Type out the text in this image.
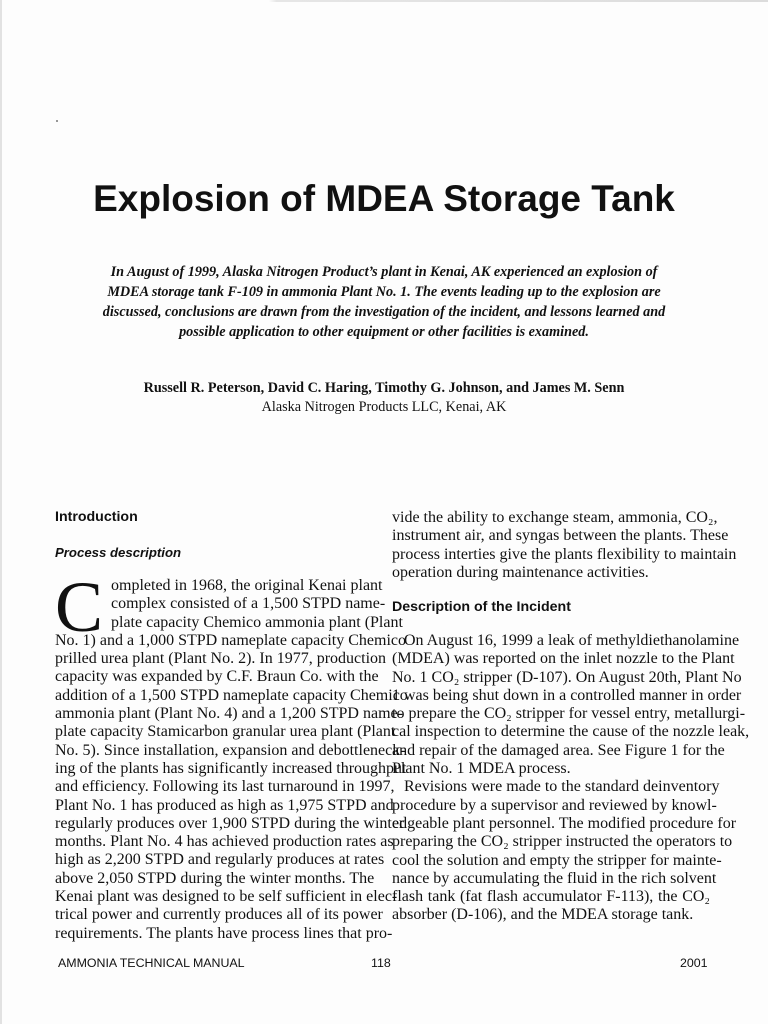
Explosion of MDEA Storage Tank
In August of 1999, Alaska Nitrogen Product’s plant in Kenai, AK experienced an explosion of
MDEA storage tank F-109 in ammonia Plant No. 1. The events leading up to the explosion are
discussed, conclusions are drawn from the investigation of the incident, and lessons learned and
possible application to other equipment or other facilities is examined.

Russell R. Peterson, David C. Haring, Timothy G. Johnson, and James M. Senn

Alaska Nitrogen Products LLC, Kenai, AK

Introduction
Process description
C ompleted in 1968, the original Kenai plant
complex consisted of a 1,500 STPD name-
plate capacity Chemico ammonia plant (Plant
No. 1) and a 1,000 STPD nameplate capacity Chemico
prilled urea plant (Plant No. 2). In 1977, production
capacity was expanded by C.F. Braun Co. with the
addition of a 1,500 STPD nameplate capacity Chemico
ammonia plant (Plant No. 4) and a 1,200 STPD name-
plate capacity Stamicarbon granular urea plant (Plant
No. 5). Since installation, expansion and debottleneck-
ing of the plants has significantly increased throughput
and efficiency. Following its last turnaround in 1997,
Plant No. 1 has produced as high as 1,975 STPD and
regularly produces over 1,900 STPD during the winter
months. Plant No. 4 has achieved production rates as
high as 2,200 STPD and regularly produces at rates
above 2,050 STPD during the winter months. The
Kenai plant was designed to be self sufficient in elec-
trical power and currently produces all of its power
requirements. The plants have process lines that pro-
vide the ability to exchange steam, ammonia, CO₂,
instrument air, and syngas between the plants. These
process interties give the plants flexibility to maintain
operation during maintenance activities.
Description of the Incident
On August 16, 1999 a leak of methyldiethanolamine
(MDEA) was reported on the inlet nozzle to the Plant
No. 1 CO₂ stripper (D-107). On August 20th, Plant No
1 was being shut down in a controlled manner in order
to prepare the CO₂ stripper for vessel entry, metallurgi-
cal inspection to determine the cause of the nozzle leak,
and repair of the damaged area. See Figure 1 for the
Plant No. 1 MDEA process.
Revisions were made to the standard deinventory
procedure by a supervisor and reviewed by knowl-
edgeable plant personnel. The modified procedure for
preparing the CO₂ stripper instructed the operators to
cool the solution and empty the stripper for mainte-
nance by accumulating the fluid in the rich solvent
flash tank (fat flash accumulator F-113), the CO₂
absorber (D-106), and the MDEA storage tank.
AMMONIA TECHNICAL MANUAL	118	2001
